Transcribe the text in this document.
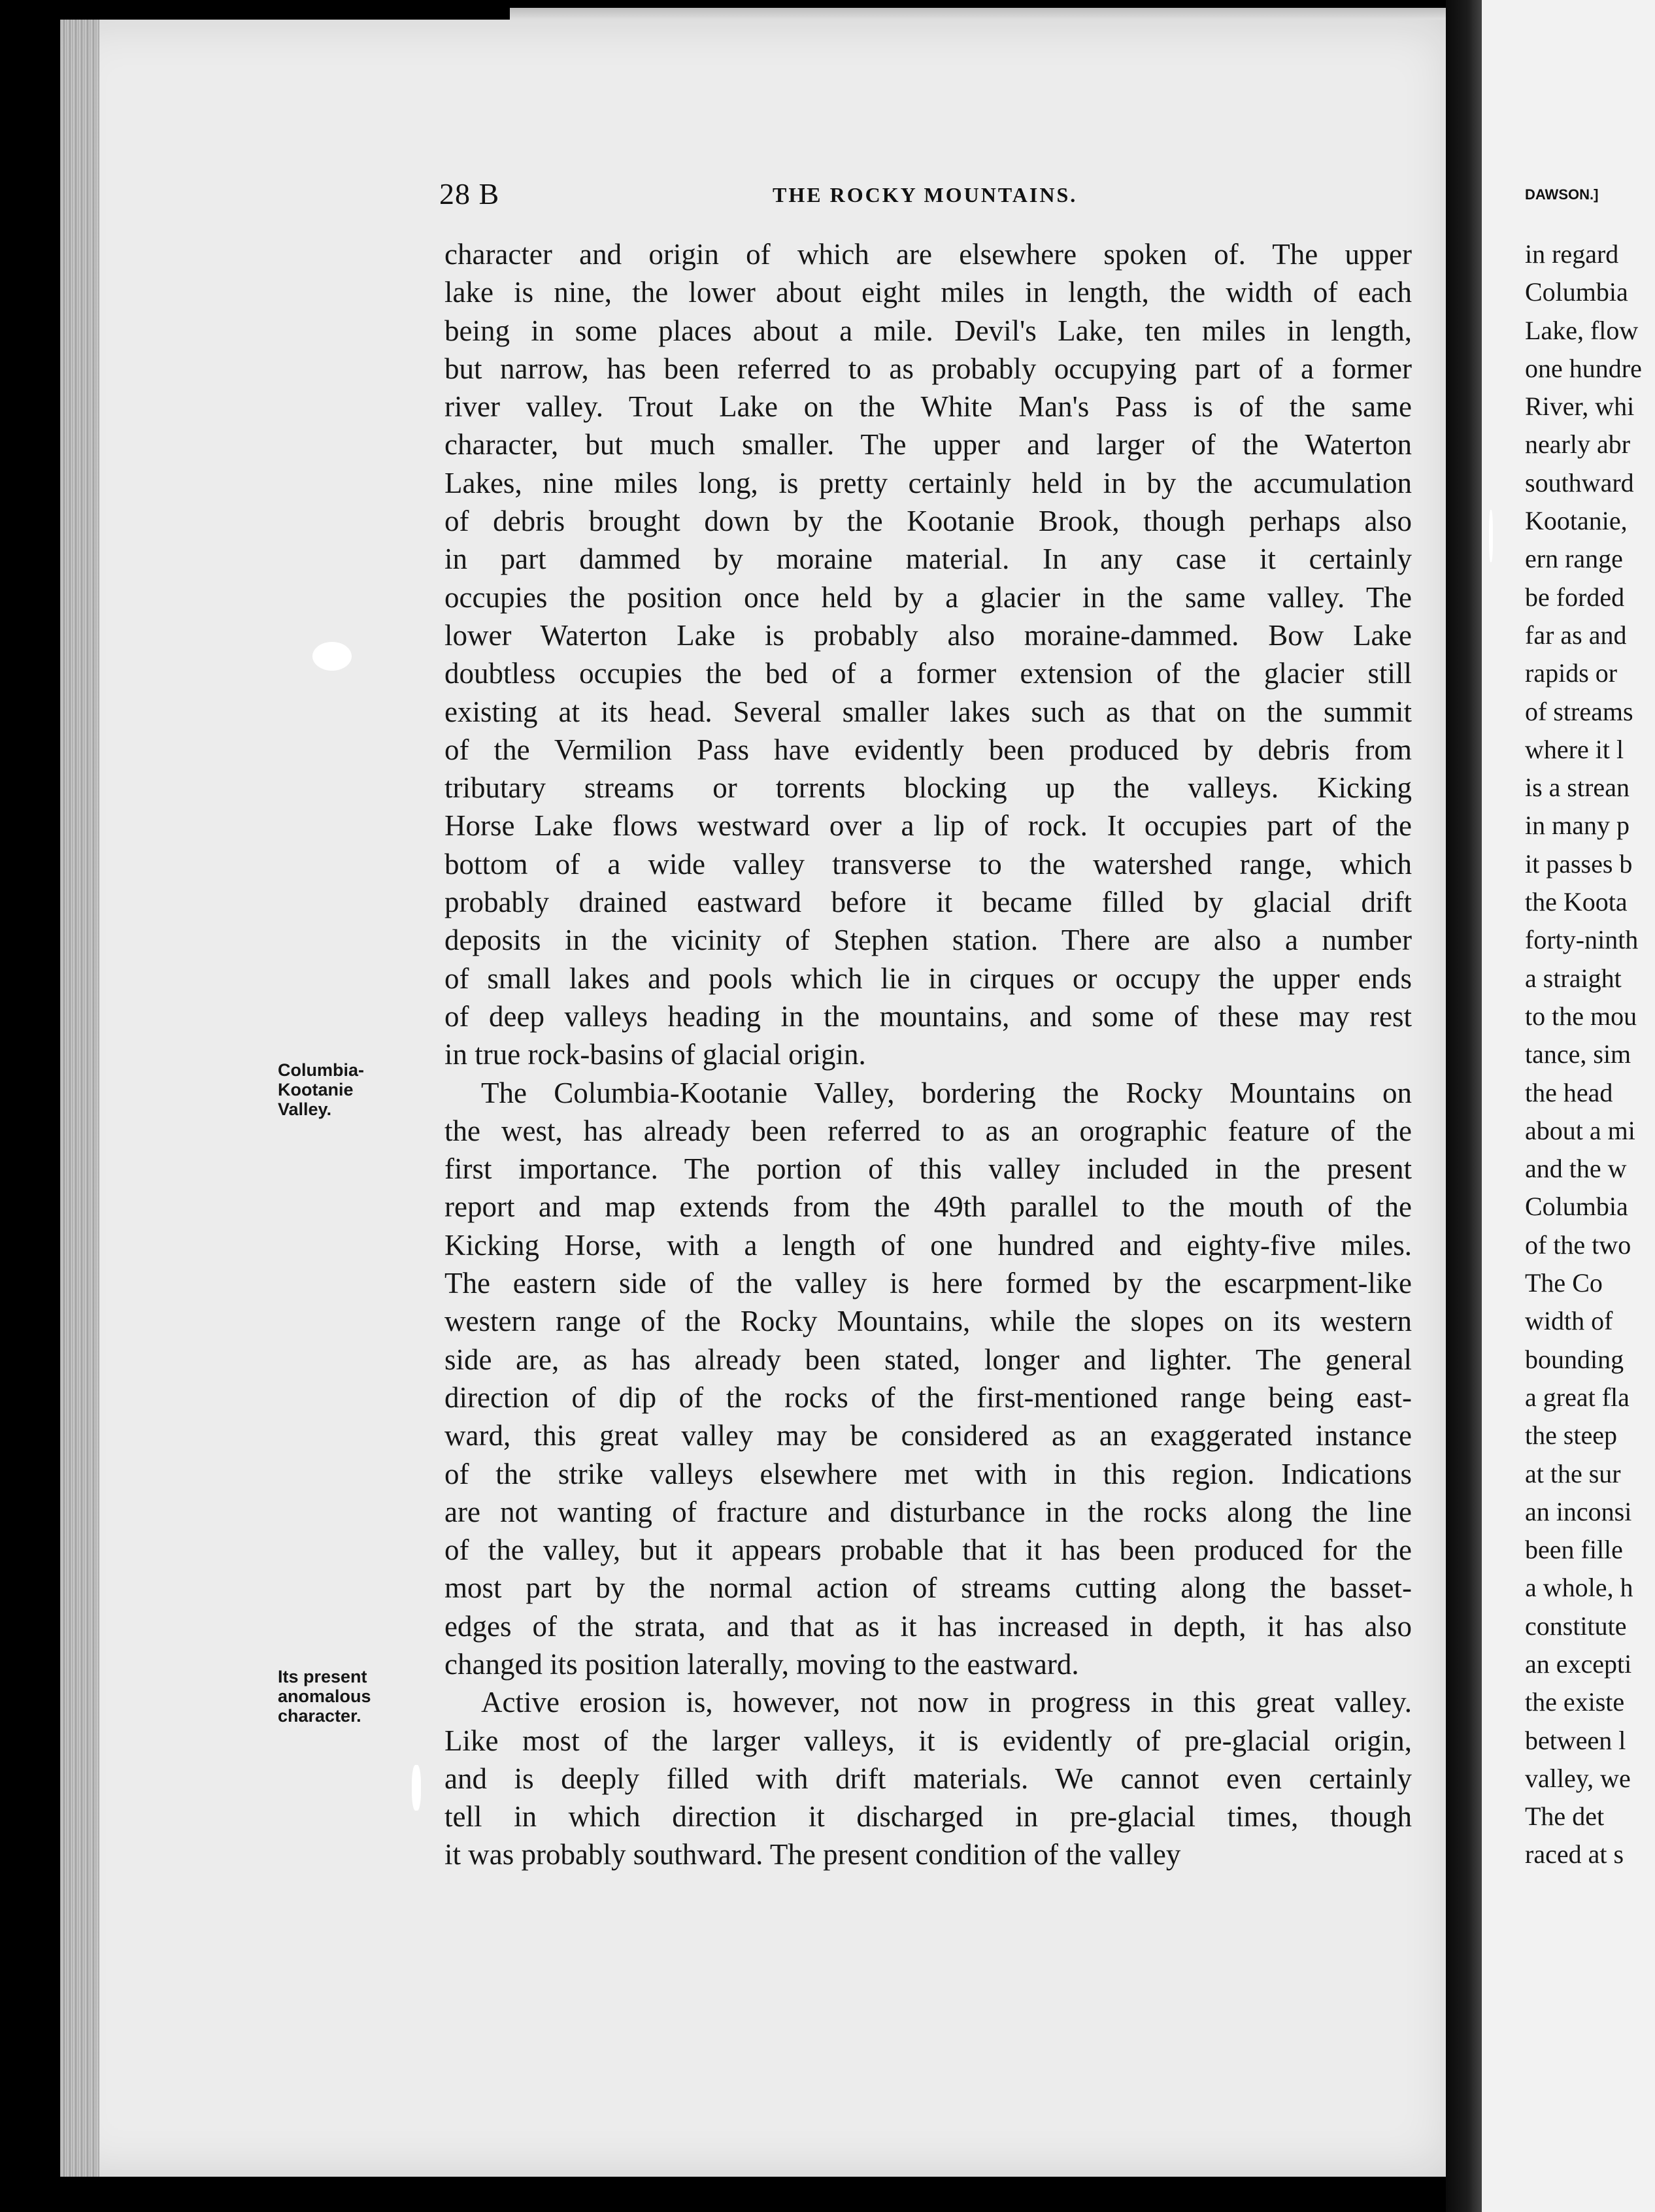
28 B	THE ROCKY MOUNTAINS.
Columbia-
Kootanie
Valley.
Its present
anomalous
character.
character and origin of which are elsewhere spoken of. The upper
lake is nine, the lower about eight miles in length, the width of each
being in some places about a mile. Devil's Lake, ten miles in length,
but narrow, has been referred to as probably occupying part of a former
river valley. Trout Lake on the White Man's Pass is of the same
character, but much smaller. The upper and larger of the Waterton
Lakes, nine miles long, is pretty certainly held in by the accumulation
of debris brought down by the Kootanie Brook, though perhaps also
in part dammed by moraine material. In any case it certainly
occupies the position once held by a glacier in the same valley. The
lower Waterton Lake is probably also moraine-dammed. Bow Lake
doubtless occupies the bed of a former extension of the glacier still
existing at its head. Several smaller lakes such as that on the summit
of the Vermilion Pass have evidently been produced by debris from
tributary streams or torrents blocking up the valleys. Kicking
Horse Lake flows westward over a lip of rock. It occupies part of the
bottom of a wide valley transverse to the watershed range, which
probably drained eastward before it became filled by glacial drift
deposits in the vicinity of Stephen station. There are also a number
of small lakes and pools which lie in cirques or occupy the upper ends
of deep valleys heading in the mountains, and some of these may rest
in true rock-basins of glacial origin.
The Columbia-Kootanie Valley, bordering the Rocky Mountains on
the west, has already been referred to as an orographic feature of the
first importance. The portion of this valley included in the present
report and map extends from the 49th parallel to the mouth of the
Kicking Horse, with a length of one hundred and eighty-five miles.
The eastern side of the valley is here formed by the escarpment-like
western range of the Rocky Mountains, while the slopes on its western
side are, as has already been stated, longer and lighter. The general
direction of dip of the rocks of the first-mentioned range being east-
ward, this great valley may be considered as an exaggerated instance
of the strike valleys elsewhere met with in this region. Indications
are not wanting of fracture and disturbance in the rocks along the line
of the valley, but it appears probable that it has been produced for the
most part by the normal action of streams cutting along the basset-
edges of the strata, and that as it has increased in depth, it has also
changed its position laterally, moving to the eastward.
Active erosion is, however, not now in progress in this great valley.
Like most of the larger valleys, it is evidently of pre-glacial origin,
and is deeply filled with drift materials. We cannot even certainly
tell in which direction it discharged in pre-glacial times, though
it was probably southward. The present condition of the valley
DAWSON.]
in regard
Columbia
Lake, flow
one hundre
River, whi
nearly abr
southward
Kootanie,
ern range
be forded
far as and
rapids or
of streams
where it l
is a strean
in many p
it passes b
the Koota
forty-ninth
a straight
to the mou
tance, sim
the head
about a mi
and the w
Columbia
of the two
The Co
width of
bounding
a great fla
the steep
at the sur
an inconsi
been fille
a whole, h
constitute
an excepti
the existe
between l
valley, we
The det
raced at s
